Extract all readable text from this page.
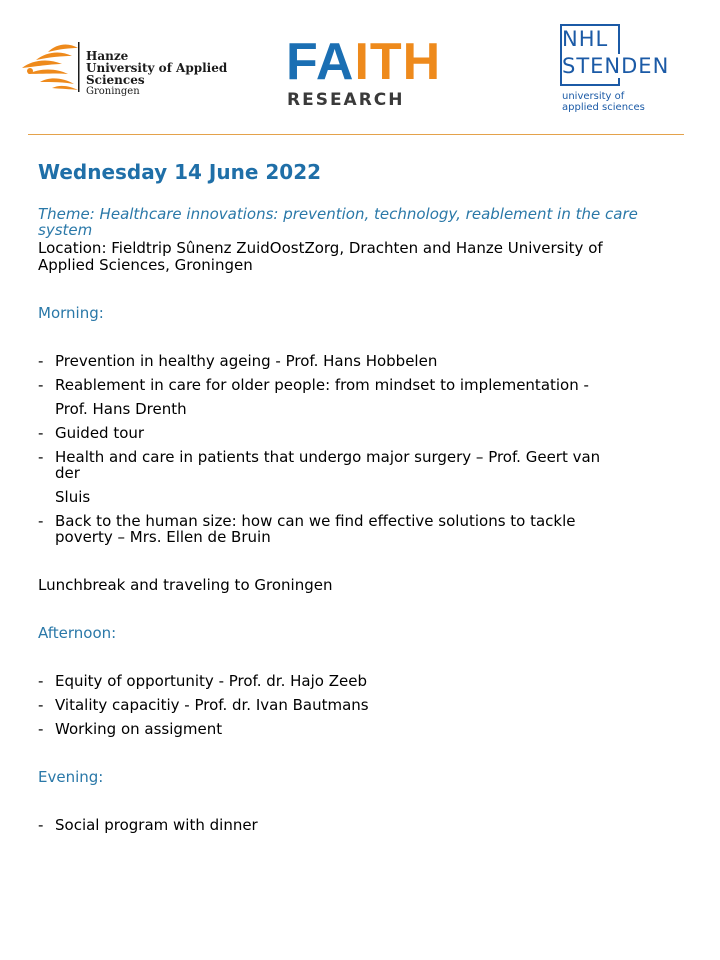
Hanze
University of Applied Sciences
Groningen
FAITH
RESEARCH
NHL
STENDEN
university of
applied sciences
Wednesday 14 June 2022
Theme: Healthcare innovations: prevention, technology, reablement in the care system
Location: Fieldtrip Sûnenz ZuidOostZorg, Drachten and Hanze University of Applied Sciences, Groningen
Morning:
- Prevention in healthy ageing - Prof. Hans Hobbelen
- Reablement in care for older people: from mindset to implementation -
Prof. Hans Drenth
- Guided tour
- Health and care in patients that undergo major surgery – Prof. Geert van
der
Sluis
- Back to the human size: how can we find effective solutions to tackle
poverty – Mrs. Ellen de Bruin
Lunchbreak and traveling to Groningen
Afternoon:
- Equity of opportunity - Prof. dr. Hajo Zeeb
- Vitality capacitiy - Prof. dr. Ivan Bautmans
- Working on assigment
Evening:
- Social program with dinner
